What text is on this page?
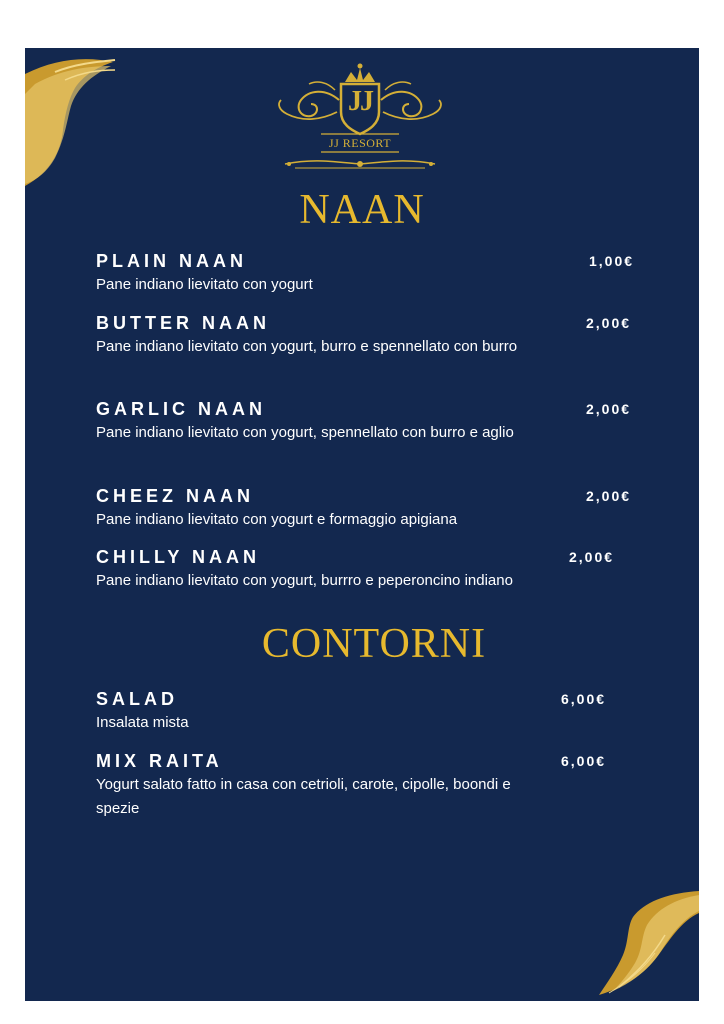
JJ
JJ RESORT
NAAN
PLAIN NAAN
Pane indiano lievitato con yogurt
1,00€
BUTTER NAAN
Pane indiano lievitato con yogurt, burro e spennellato con burro
2,00€
GARLIC NAAN
Pane indiano lievitato con yogurt, spennellato con burro e aglio
2,00€
CHEEZ NAAN
Pane indiano lievitato con yogurt e formaggio apigiana
2,00€
CHILLY NAAN
Pane indiano lievitato con yogurt, burrro e peperoncino indiano
2,00€
CONTORNI
SALAD
Insalata mista
6,00€
MIX RAITA
Yogurt salato fatto in casa con cetrioli, carote, cipolle, boondi e spezie
6,00€
